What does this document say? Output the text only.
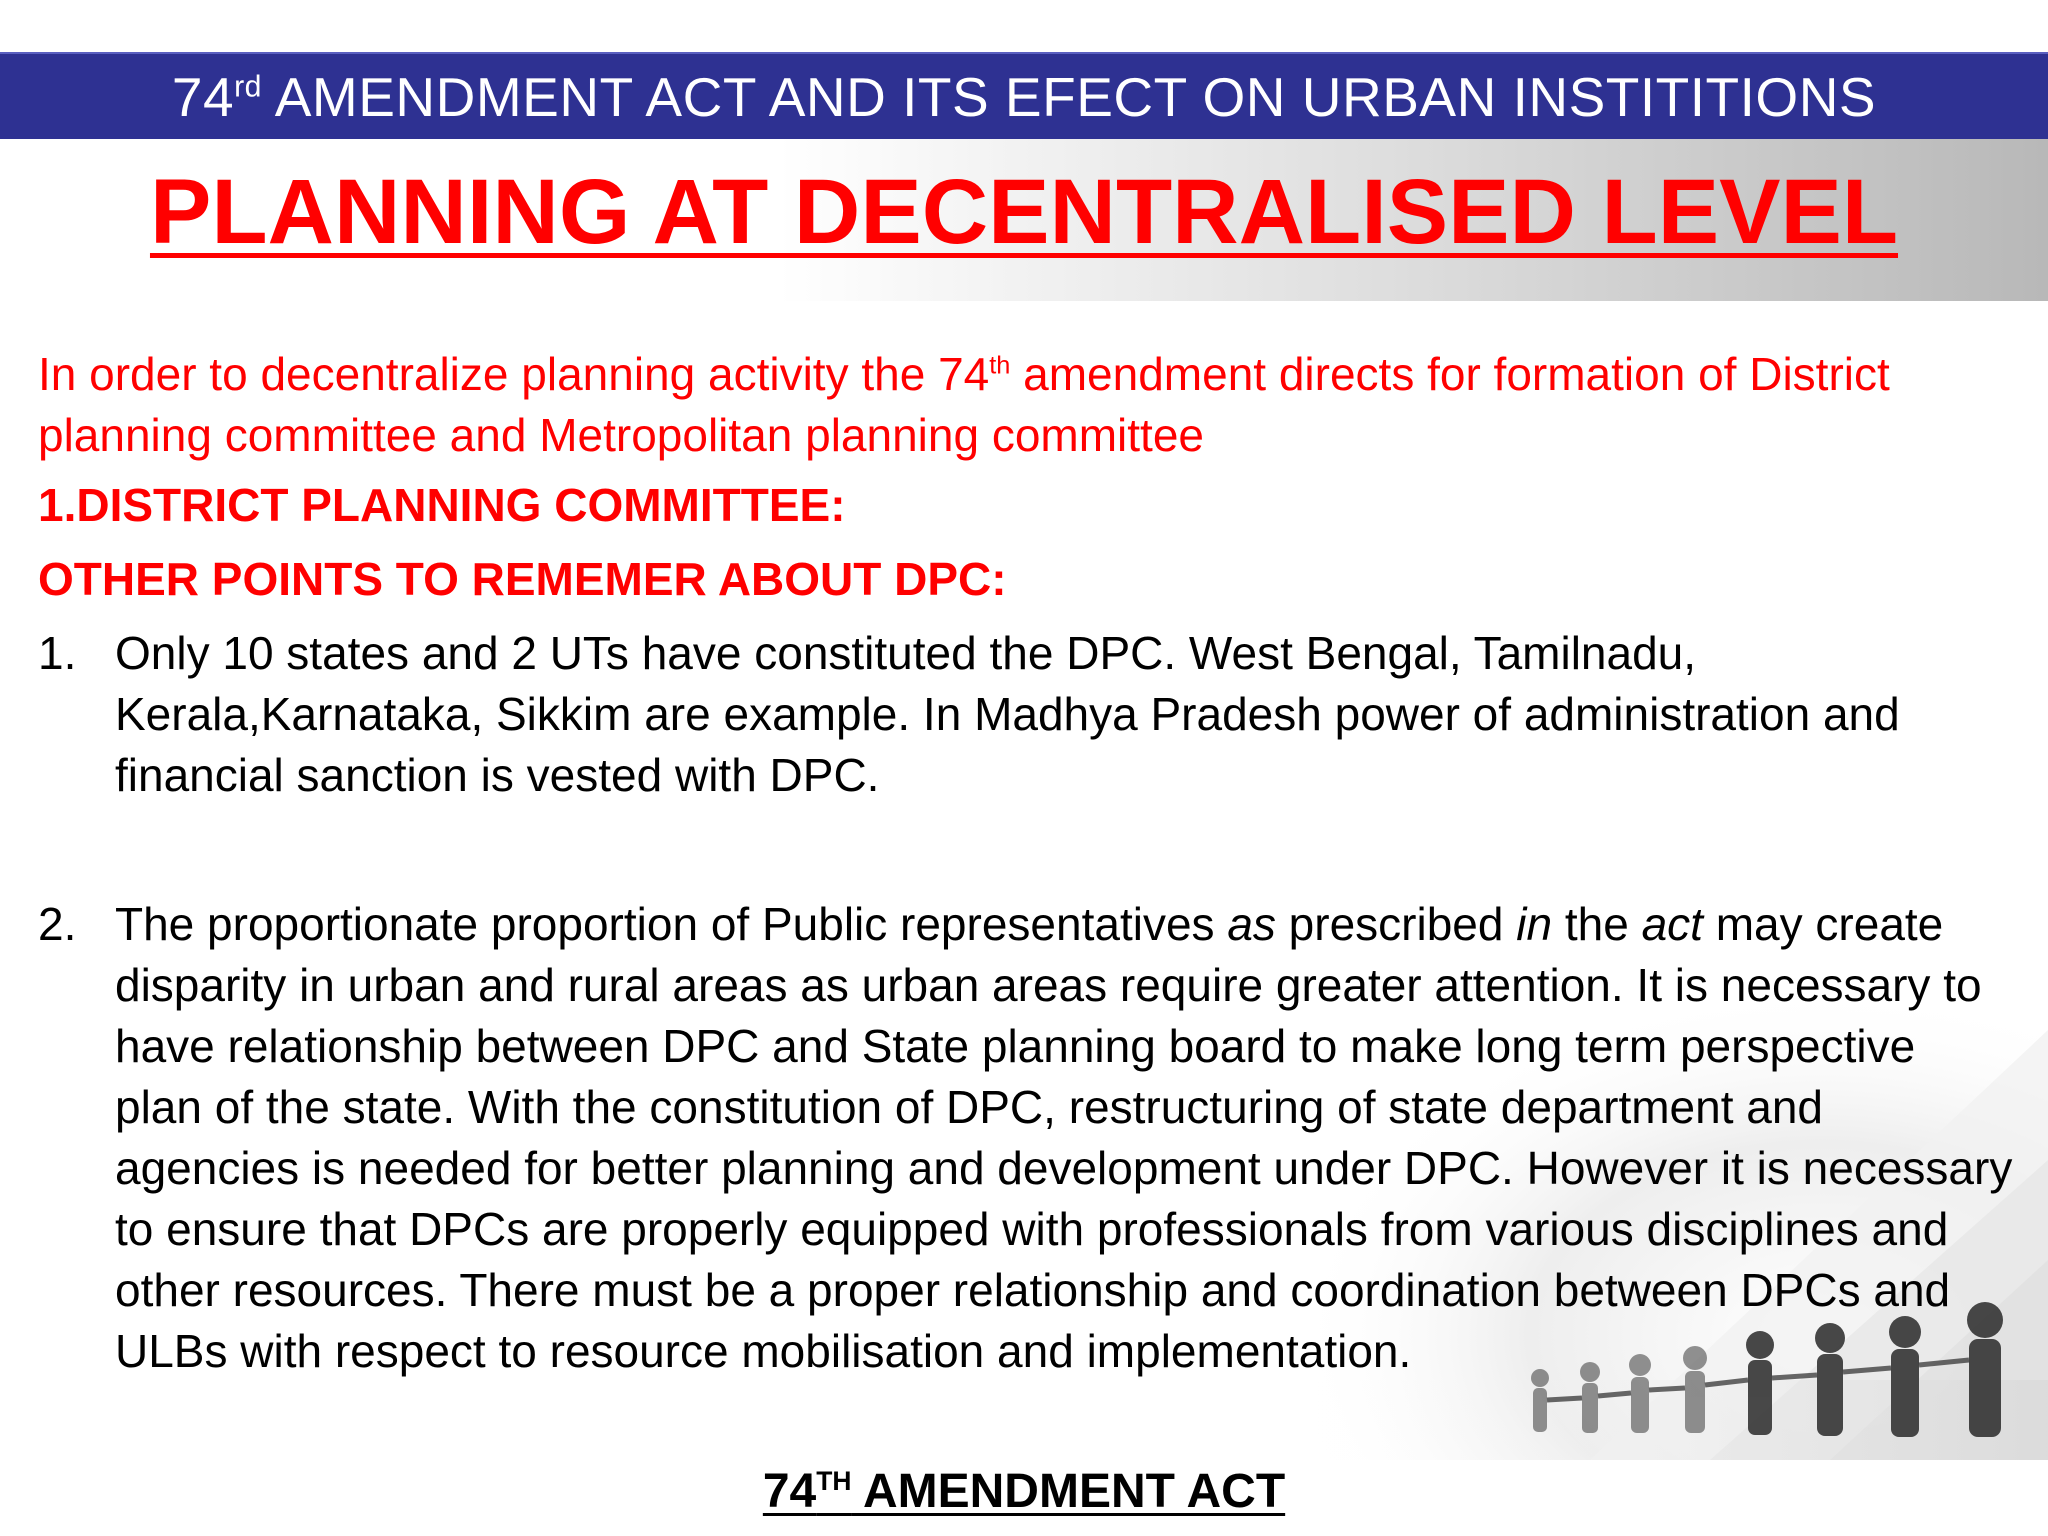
74rd AMENDMENT ACT AND ITS EFECT ON URBAN INSTITITIONS
PLANNING AT DECENTRALISED LEVEL
In order to decentralize planning activity the 74th amendment directs for formation of District planning committee and Metropolitan planning committee
1.DISTRICT PLANNING COMMITTEE:
OTHER POINTS TO REMEMER ABOUT DPC:
1. Only 10 states and 2 UTs have constituted the DPC. West Bengal, Tamilnadu, Kerala,Karnataka, Sikkim are example. In Madhya Pradesh power of administration and financial sanction is vested with DPC.
2. The proportionate proportion of Public representatives as prescribed in the act may create disparity in urban and rural areas as urban areas require greater attention. It is necessary to have relationship between DPC and State planning board to make long term perspective plan of the state. With the constitution of DPC, restructuring of state department and agencies is needed for better planning and development under DPC. However it is necessary to ensure that DPCs are properly equipped with professionals from various disciplines and other resources. There must be a proper relationship and coordination between DPCs and ULBs with respect to resource mobilisation and implementation.
74TH AMENDMENT ACT
